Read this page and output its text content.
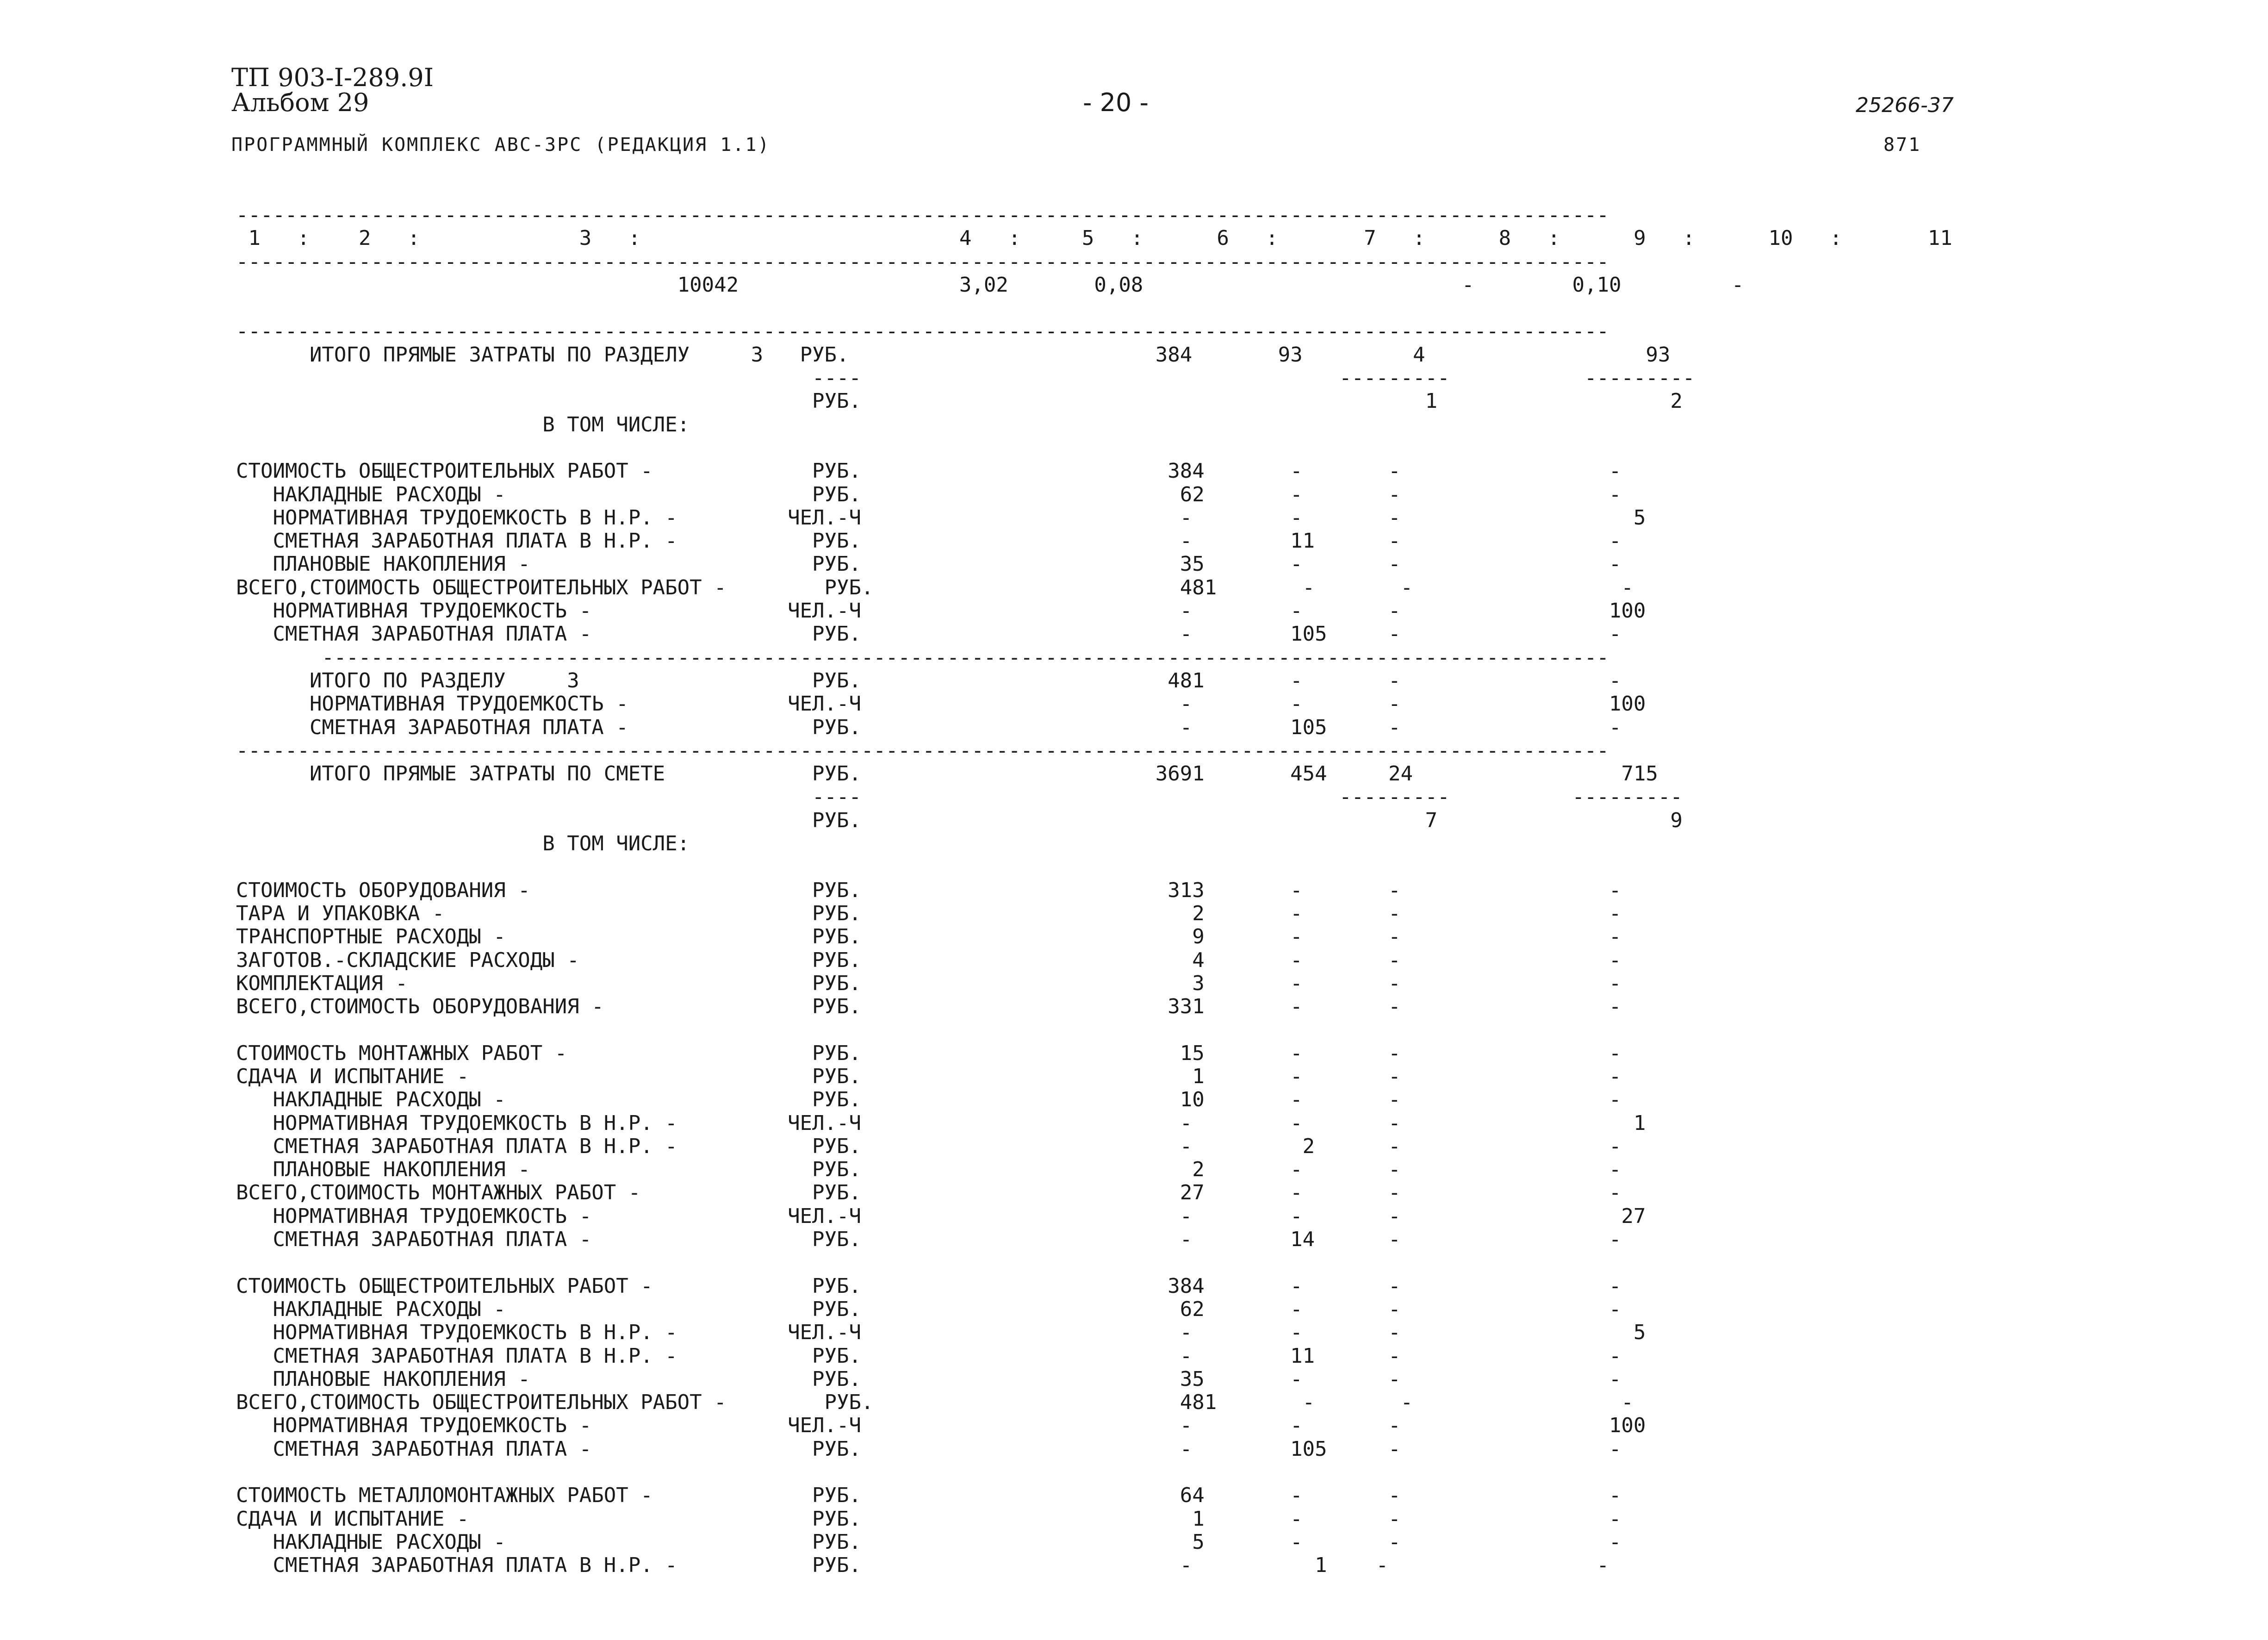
ТП 903-I-289.9I
Альбом 29	- 20 -	25266-37
ПРОГРАММНЫЙ КОМПЛЕКС АВС-3РС (РЕДАКЦИЯ 1.1)	871
----------------------------------------------------------------------------------------------------------------
1   : 2   :	3   :	4   :	5   :	6   :	7   :	8   :	9   :	10   :	11
----------------------------------------------------------------------------------------------------------------
10042                  3,02       0,08                          -        0,10         -

----------------------------------------------------------------------------------------------------------------
ИТОГО ПРЯМЫЕ ЗАТРАТЫ ПО РАЗДЕЛУ     3   РУБ.                         384       93         4                  93
----	---------           ---------
РУБ.	1                   2
В ТОМ ЧИСЛЕ:

СТОИМОСТЬ ОБЩЕСТРОИТЕЛЬНЫХ РАБОТ -             РУБ.                         384       -       -                 -
НАКЛАДНЫЕ РАСХОДЫ -                         РУБ.                          62       -       -                 -
НОРМАТИВНАЯ ТРУДОЕМКОСТЬ В Н.Р. -         ЧЕЛ.-Ч                          -        -       -                   5
СМЕТНАЯ ЗАРАБОТНАЯ ПЛАТА В Н.Р. -           РУБ.                          -        11      -                 -
ПЛАНОВЫЕ НАКОПЛЕНИЯ -                       РУБ.                          35       -       -                 -
ВСЕГО,СТОИМОСТЬ ОБЩЕСТРОИТЕЛЬНЫХ РАБОТ -        РУБ.                         481       -       -                 -
НОРМАТИВНАЯ ТРУДОЕМКОСТЬ -                ЧЕЛ.-Ч                          -        -       -                 100
СМЕТНАЯ ЗАРАБОТНАЯ ПЛАТА -                  РУБ.                          -        105     -                 -
---------------------------------------------------------------------------------------------------------
ИТОГО ПО РАЗДЕЛУ     3                   РУБ.                         481       -       -                 -
НОРМАТИВНАЯ ТРУДОЕМКОСТЬ -             ЧЕЛ.-Ч                          -        -       -                 100
СМЕТНАЯ ЗАРАБОТНАЯ ПЛАТА -               РУБ.                          -        105     -                 -
----------------------------------------------------------------------------------------------------------------
ИТОГО ПРЯМЫЕ ЗАТРАТЫ ПО СМЕТЕ            РУБ.                        3691       454     24                 715
----	---------          ---------
РУБ.	7                   9
В ТОМ ЧИСЛЕ:

СТОИМОСТЬ ОБОРУДОВАНИЯ -                       РУБ.                         313       -       -                 -
ТАРА И УПАКОВКА -                              РУБ.                           2       -       -                 -
ТРАНСПОРТНЫЕ РАСХОДЫ -                         РУБ.                           9       -       -                 -
ЗАГОТОВ.-СКЛАДСКИЕ РАСХОДЫ -                   РУБ.                           4       -       -                 -
КОМПЛЕКТАЦИЯ -                                 РУБ.                           3       -       -                 -
ВСЕГО,СТОИМОСТЬ ОБОРУДОВАНИЯ -                 РУБ.                         331       -       -                 -

СТОИМОСТЬ МОНТАЖНЫХ РАБОТ -                    РУБ.                          15       -       -                 -
СДАЧА И ИСПЫТАНИЕ -                            РУБ.                           1       -       -                 -
НАКЛАДНЫЕ РАСХОДЫ -                         РУБ.                          10       -       -                 -
НОРМАТИВНАЯ ТРУДОЕМКОСТЬ В Н.Р. -         ЧЕЛ.-Ч                          -        -       -                   1
СМЕТНАЯ ЗАРАБОТНАЯ ПЛАТА В Н.Р. -           РУБ.                          -         2      -                 -
ПЛАНОВЫЕ НАКОПЛЕНИЯ -                       РУБ.                           2       -       -                 -
ВСЕГО,СТОИМОСТЬ МОНТАЖНЫХ РАБОТ -              РУБ.                          27       -       -                 -
НОРМАТИВНАЯ ТРУДОЕМКОСТЬ -                ЧЕЛ.-Ч                          -        -       -                  27
СМЕТНАЯ ЗАРАБОТНАЯ ПЛАТА -                  РУБ.                          -        14      -                 -

СТОИМОСТЬ ОБЩЕСТРОИТЕЛЬНЫХ РАБОТ -             РУБ.                         384       -       -                 -
НАКЛАДНЫЕ РАСХОДЫ -                         РУБ.                          62       -       -                 -
НОРМАТИВНАЯ ТРУДОЕМКОСТЬ В Н.Р. -         ЧЕЛ.-Ч                          -        -       -                   5
СМЕТНАЯ ЗАРАБОТНАЯ ПЛАТА В Н.Р. -           РУБ.                          -        11      -                 -
ПЛАНОВЫЕ НАКОПЛЕНИЯ -                       РУБ.                          35       -       -                 -
ВСЕГО,СТОИМОСТЬ ОБЩЕСТРОИТЕЛЬНЫХ РАБОТ -        РУБ.                         481       -       -                 -
НОРМАТИВНАЯ ТРУДОЕМКОСТЬ -                ЧЕЛ.-Ч                          -        -       -                 100
СМЕТНАЯ ЗАРАБОТНАЯ ПЛАТА -                  РУБ.                          -        105     -                 -

СТОИМОСТЬ МЕТАЛЛОМОНТАЖНЫХ РАБОТ -             РУБ.                          64       -       -                 -
СДАЧА И ИСПЫТАНИЕ -                            РУБ.                           1       -       -                 -
НАКЛАДНЫЕ РАСХОДЫ -                         РУБ.                           5       -       -                 -
СМЕТНАЯ ЗАРАБОТНАЯ ПЛАТА В Н.Р. -           РУБ.                          -          1    -                 -
